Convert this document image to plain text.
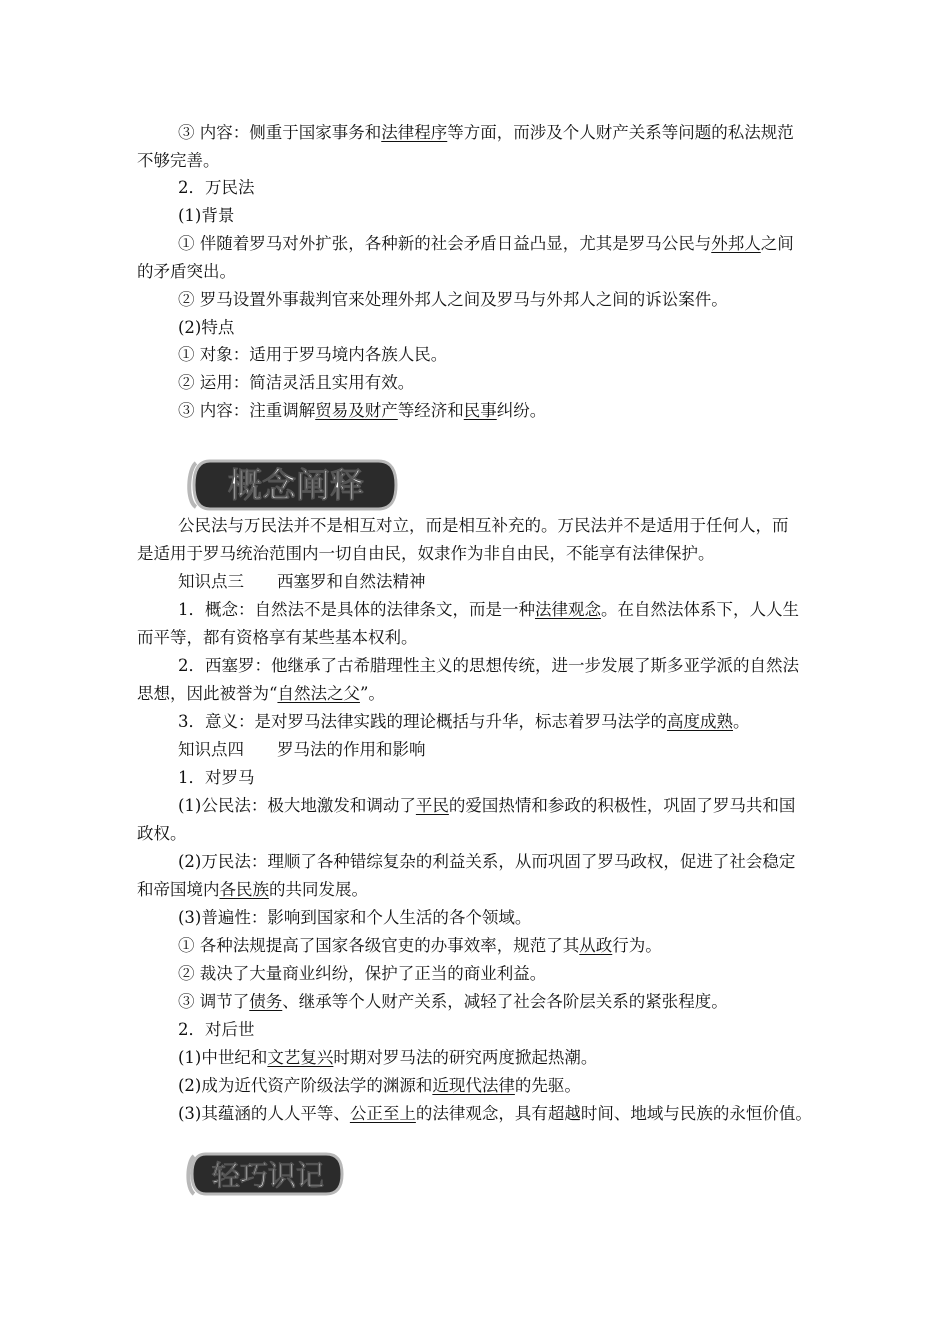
③ 内容：侧重于国家事务和法律程序等方面，而涉及个人财产关系等问题的私法规范
不够完善。
2．万民法
(1)背景
① 伴随着罗马对外扩张，各种新的社会矛盾日益凸显，尤其是罗马公民与外邦人之间
的矛盾突出。
② 罗马设置外事裁判官来处理外邦人之间及罗马与外邦人之间的诉讼案件。
(2)特点
① 对象：适用于罗马境内各族人民。
② 运用：简洁灵活且实用有效。
③ 内容：注重调解贸易及财产等经济和民事纠纷。
公民法与万民法并不是相互对立，而是相互补充的。万民法并不是适用于任何人，而
是适用于罗马统治范围内一切自由民，奴隶作为非自由民，不能享有法律保护。
知识点三　　西塞罗和自然法精神
1．概念：自然法不是具体的法律条文，而是一种法律观念。在自然法体系下，人人生
而平等，都有资格享有某些基本权利。
2．西塞罗：他继承了古希腊理性主义的思想传统，进一步发展了斯多亚学派的自然法
思想，因此被誉为“自然法之父”。
3．意义：是对罗马法律实践的理论概括与升华，标志着罗马法学的高度成熟。
知识点四　　罗马法的作用和影响
1．对罗马
(1)公民法：极大地激发和调动了平民的爱国热情和参政的积极性，巩固了罗马共和国
政权。
(2)万民法：理顺了各种错综复杂的利益关系，从而巩固了罗马政权，促进了社会稳定
和帝国境内各民族的共同发展。
(3)普遍性：影响到国家和个人生活的各个领域。
① 各种法规提高了国家各级官吏的办事效率，规范了其从政行为。
② 裁决了大量商业纠纷，保护了正当的商业利益。
③ 调节了债务、继承等个人财产关系，减轻了社会各阶层关系的紧张程度。
2．对后世
(1)中世纪和文艺复兴时期对罗马法的研究两度掀起热潮。
(2)成为近代资产阶级法学的渊源和近现代法律的先驱。
(3)其蕴涵的人人平等、公正至上的法律观念，具有超越时间、地域与民族的永恒价值。
概念阐释
轻巧识记
